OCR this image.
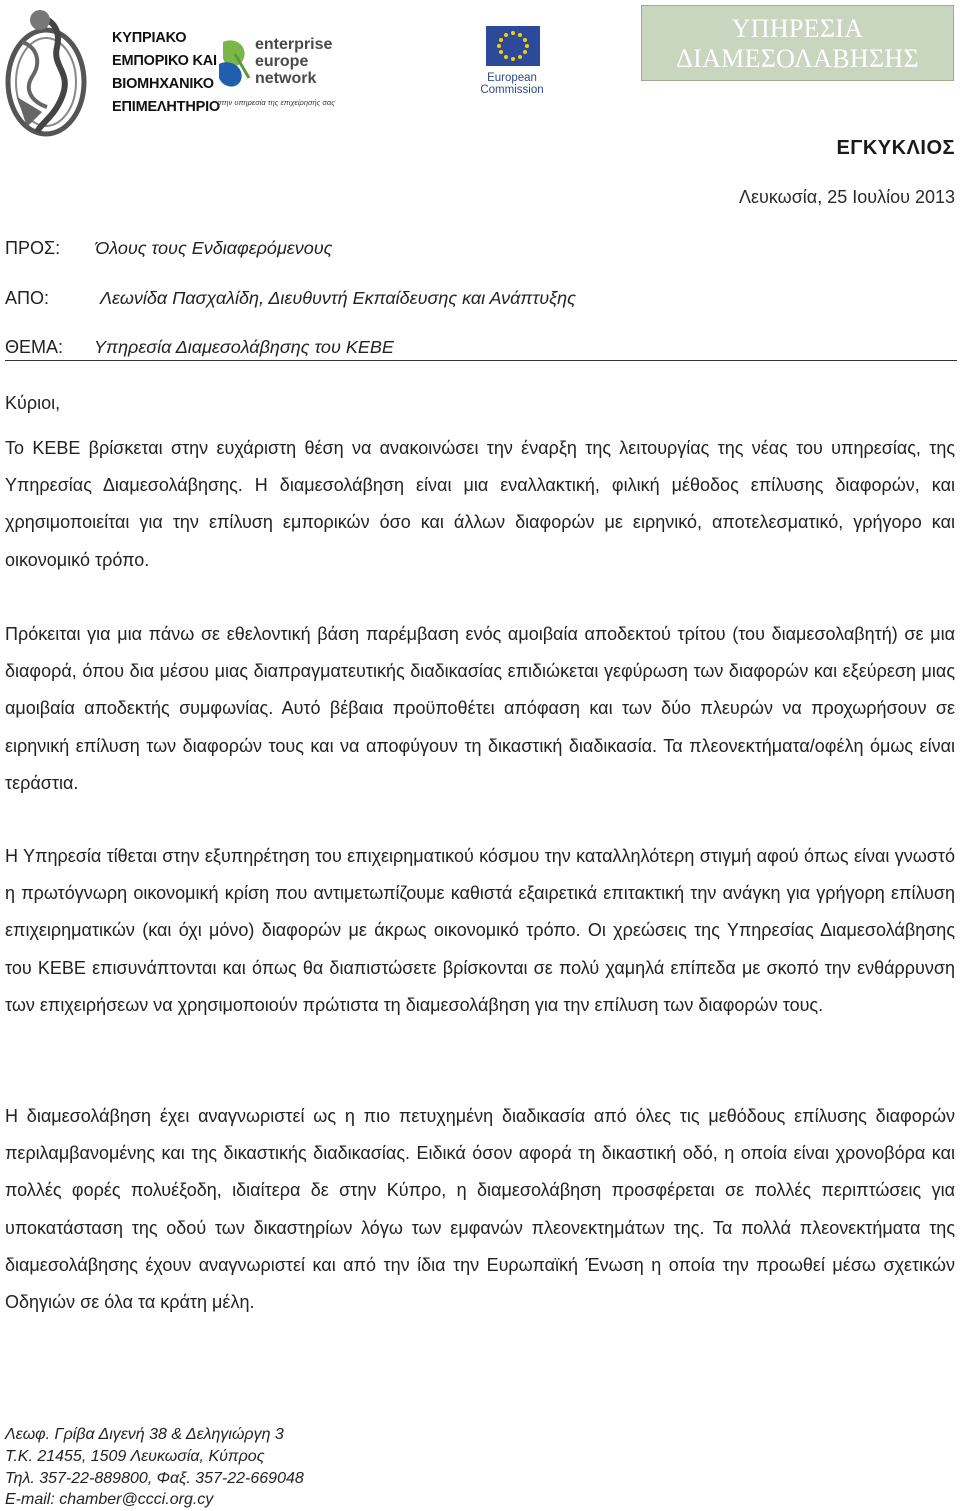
ΚΥΠΡΙΑΚΟ
ΕΜΠΟΡΙΚΟ ΚΑΙ
ΒΙΟΜΗΧΑΝΙΚΟ
ΕΠΙΜΕΛΗΤΗΡΙΟ
enterprise
europe
network
στην υπηρεσία της επιχείρησής σας
European
Commission
ΥΠΗΡΕΣΙΑ ΔΙΑΜΕΣΟΛΑΒΗΣΗΣ
ΕΓΚΥΚΛΙΟΣ
Λευκωσία, 25 Ιουλίου 2013
ΠΡΟΣ: Όλους τους Ενδιαφερόμενους
ΑΠΟ:	Λεωνίδα Πασχαλίδη, Διευθυντή Εκπαίδευσης και Ανάπτυξης
ΘΕΜΑ: Υπηρεσία Διαμεσολάβησης του ΚΕΒΕ
Κύριοι,

Το ΚΕΒΕ βρίσκεται στην ευχάριστη θέση να ανακοινώσει την έναρξη της λειτουργίας της νέας του υπηρεσίας, της Υπηρεσίας Διαμεσολάβησης. Η διαμεσολάβηση είναι μια εναλλακτική, φιλική μέθοδος επίλυσης διαφορών, και χρησιμοποιείται για την επίλυση εμπορικών όσο και άλλων διαφορών με ειρηνικό, αποτελεσματικό, γρήγορο και οικονομικό τρόπο.

Πρόκειται για μια πάνω σε εθελοντική βάση παρέμβαση ενός αμοιβαία αποδεκτού τρίτου (του διαμεσολαβητή) σε μια διαφορά, όπου δια μέσου μιας διαπραγματευτικής διαδικασίας επιδιώκεται γεφύρωση των διαφορών και εξεύρεση μιας αμοιβαία αποδεκτής συμφωνίας. Αυτό βέβαια προϋποθέτει απόφαση και των δύο πλευρών να προχωρήσουν σε ειρηνική επίλυση των διαφορών τους και να αποφύγουν τη δικαστική διαδικασία. Τα πλεονεκτήματα/οφέλη όμως είναι τεράστια.

Η Υπηρεσία τίθεται στην εξυπηρέτηση του επιχειρηματικού κόσμου την καταλληλότερη στιγμή αφού όπως είναι γνωστό η πρωτόγνωρη οικονομική κρίση που αντιμετωπίζουμε καθιστά εξαιρετικά επιτακτική την ανάγκη για γρήγορη επίλυση επιχειρηματικών (και όχι μόνο) διαφορών με άκρως οικονομικό τρόπο. Οι χρεώσεις της Υπηρεσίας Διαμεσολάβησης του ΚΕΒΕ επισυνάπτονται και όπως θα διαπιστώσετε βρίσκονται σε πολύ χαμηλά επίπεδα με σκοπό την ενθάρρυνση των επιχειρήσεων να χρησιμοποιούν πρώτιστα τη διαμεσολάβηση για την επίλυση των διαφορών τους.

Η διαμεσολάβηση έχει αναγνωριστεί ως η πιο πετυχημένη διαδικασία από όλες τις μεθόδους επίλυσης διαφορών περιλαμβανομένης και της δικαστικής διαδικασίας. Ειδικά όσον αφορά τη δικαστική οδό, η οποία είναι χρονοβόρα και πολλές φορές πολυέξοδη, ιδιαίτερα δε στην Κύπρο, η διαμεσολάβηση προσφέρεται σε πολλές περιπτώσεις για υποκατάσταση της οδού των δικαστηρίων λόγω των εμφανών πλεονεκτημάτων της. Τα πολλά πλεονεκτήματα της διαμεσολάβησης έχουν αναγνωριστεί και από την ίδια την Ευρωπαϊκή Ένωση η οποία την προωθεί μέσω σχετικών Οδηγιών σε όλα τα κράτη μέλη.

Λεωφ. Γρίβα Διγενή 38 & Δεληγιώργη 3
Τ.Κ. 21455, 1509 Λευκωσία, Κύπρος
Τηλ. 357-22-889800, Φαξ. 357-22-669048
E-mail: chamber@ccci.org.cy
